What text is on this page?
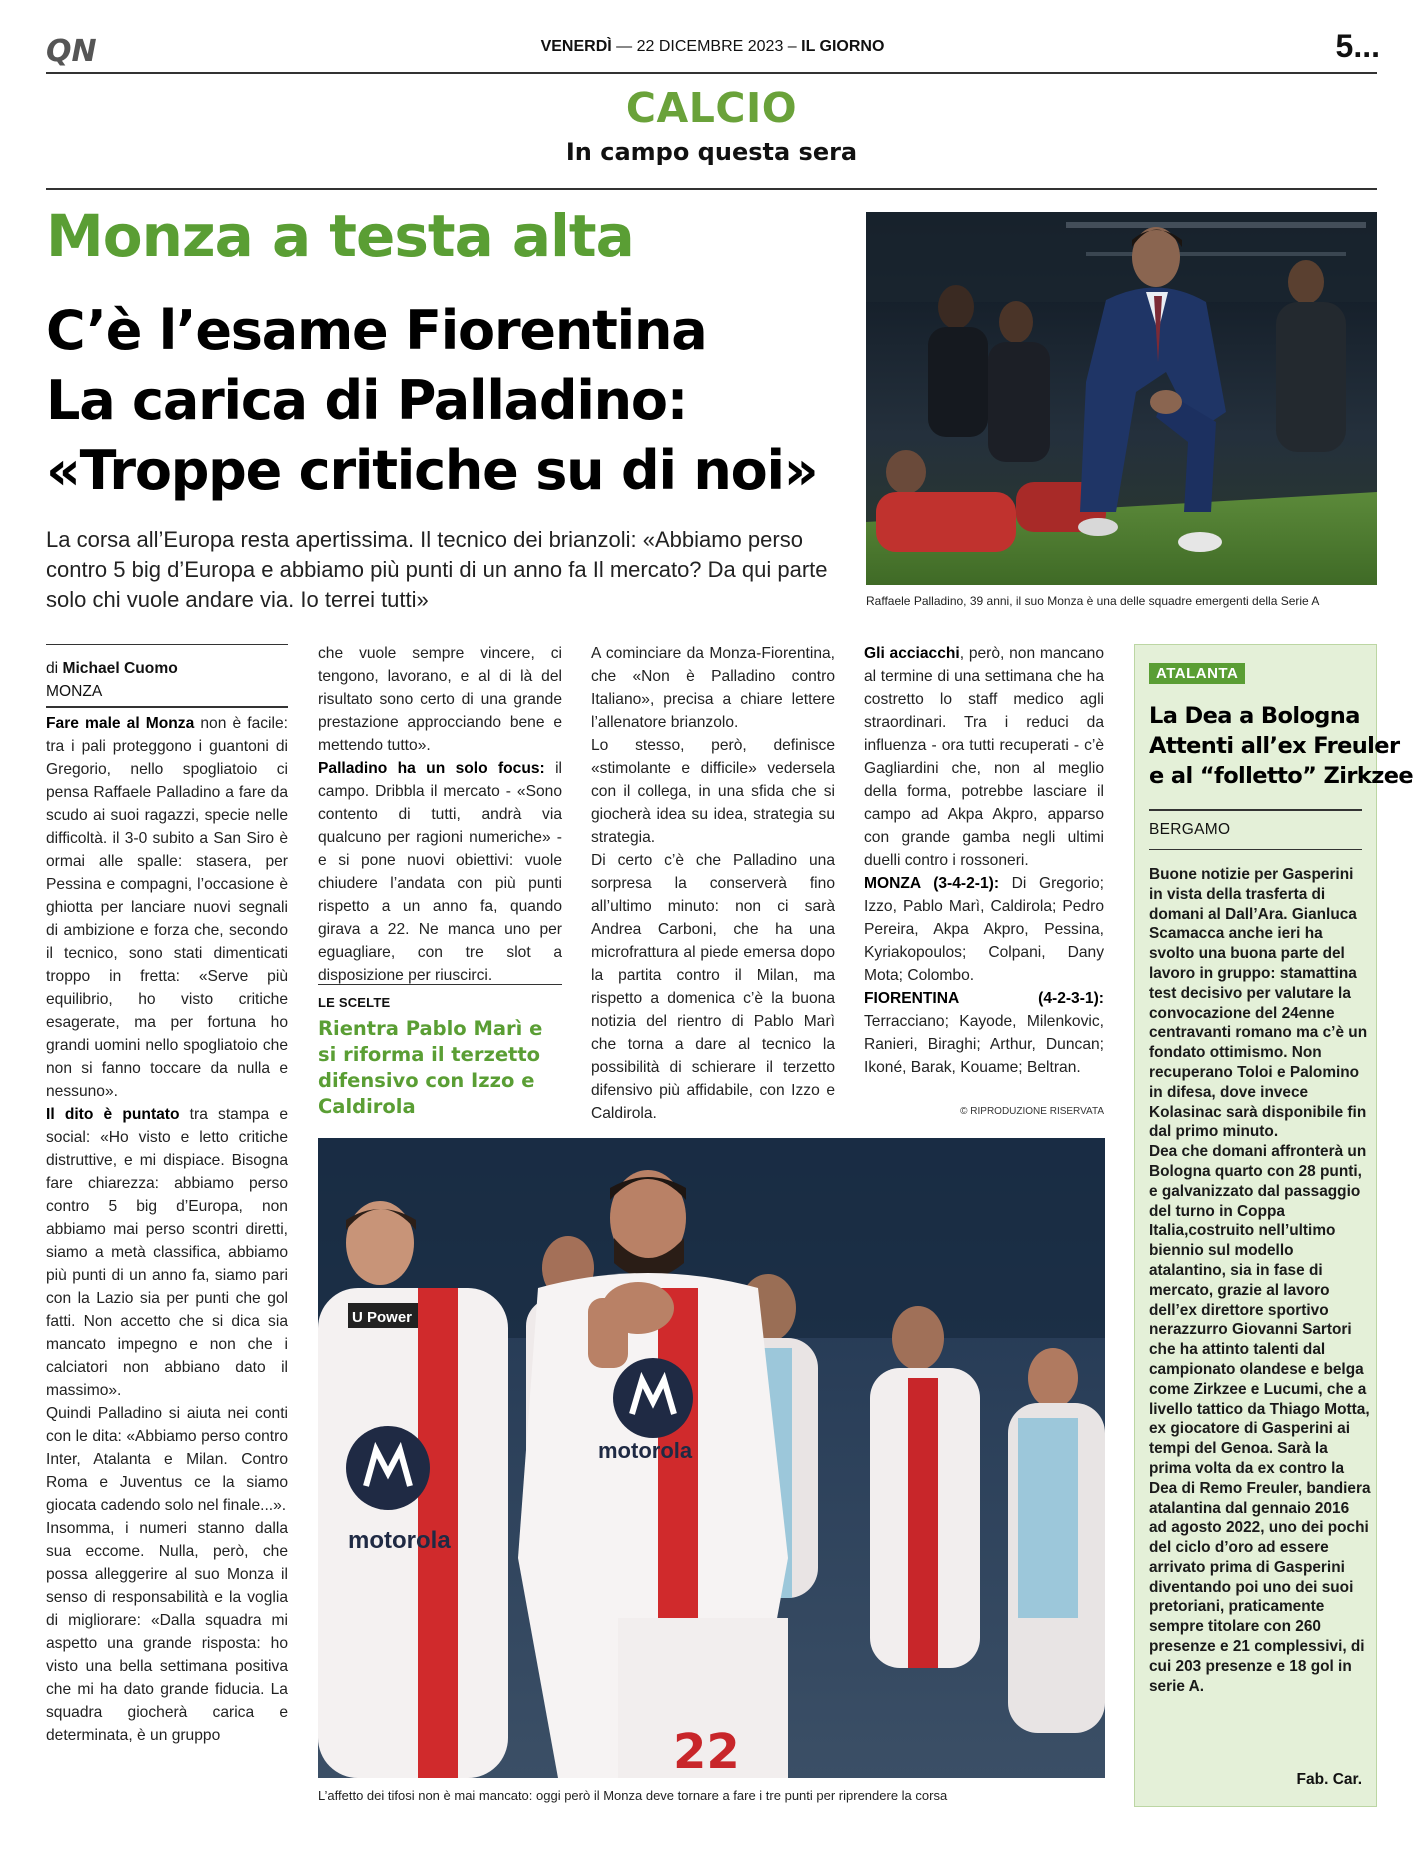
Q N	VENERDÌ — 22 DICEMBRE 2023 – IL GIORNO	5...
CALCIO
In campo questa sera
Monza a testa alta
C’è l’esame Fiorentina
La carica di Palladino:
«Troppe critiche su di noi»
La corsa all’Europa resta apertissima. Il tecnico dei brianzoli: «Abbiamo perso contro 5 big d’Europa e abbiamo più punti di un anno fa Il mercato? Da qui parte solo chi vuole andare via. Io terrei tutti»	Raffaele Palladino, 39 anni, il suo Monza è una delle squadre emergenti della Serie A
di Michael Cuomo
MONZA

Fare male al Monza non è facile: tra i pali proteggono i guantoni di Gregorio, nello spogliatoio ci pensa Raffaele Palladino a fare da scudo ai suoi ragazzi, specie nelle difficoltà. il 3-0 subito a San Siro è ormai alle spalle: stasera, per Pessina e compagni, l’occasione è ghiotta per lanciare nuovi segnali di ambizione e forza che, secondo il tecnico, sono stati dimenticati troppo in fretta: «Serve più equilibrio, ho visto critiche esagerate, ma per fortuna ho grandi uomini nello spogliatoio che non si fanno toccare da nulla e nessuno».

Il dito è puntato tra stampa e social: «Ho visto e letto critiche distruttive, e mi dispiace. Bisogna fare chiarezza: abbiamo perso contro 5 big d’Europa, non abbiamo mai perso scontri diretti, siamo a metà classifica, abbiamo più punti di un anno fa, siamo pari con la Lazio sia per punti che gol fatti. Non accetto che si dica sia mancato impegno e non che i calciatori non abbiano dato il massimo».

Quindi Palladino si aiuta nei conti con le dita: «Abbiamo perso contro Inter, Atalanta e Milan. Contro Roma e Juventus ce la siamo giocata cadendo solo nel finale...».

Insomma, i numeri stanno dalla sua eccome. Nulla, però, che possa alleggerire al suo Monza il senso di responsabilità e la voglia di migliorare: «Dalla squadra mi aspetto una grande risposta: ho visto una bella settimana positiva che mi ha dato grande fiducia. La squadra giocherà carica e determinata, è un gruppo

che vuole sempre vincere, ci tengono, lavorano, e al di là del risultato sono certo di una grande prestazione approcciando bene e mettendo tutto».

Palladino ha un solo focus: il campo. Dribbla il mercato - «Sono contento di tutti, andrà via qualcuno per ragioni numeriche» - e si pone nuovi obiettivi: vuole chiudere l’andata con più punti rispetto a un anno fa, quando girava a 22. Ne manca uno per eguagliare, con tre slot a disposizione per riuscirci.

LE SCELTE
Rientra Pablo Marì e si riforma il terzetto difensivo con Izzo e Caldirola

A cominciare da Monza-Fiorentina, che «Non è Palladino contro Italiano», precisa a chiare lettere l’allenatore brianzolo.

Lo stesso, però, definisce «stimolante e difficile» vedersela con il collega, in una sfida che si giocherà idea su idea, strategia su strategia.

Di certo c’è che Palladino una sorpresa la conserverà fino all’ultimo minuto: non ci sarà Andrea Carboni, che ha una microfrattura al piede emersa dopo la partita contro il Milan, ma rispetto a domenica c’è la buona notizia del rientro di Pablo Marì che torna a dare al tecnico la possibilità di schierare il terzetto difensivo più affidabile, con Izzo e Caldirola.

Gli acciacchi, però, non mancano al termine di una settimana che ha costretto lo staff medico agli straordinari. Tra i reduci da influenza - ora tutti recuperati - c’è Gagliardini che, non al meglio della forma, potrebbe lasciare il campo ad Akpa Akpro, apparso con grande gamba negli ultimi duelli contro i rossoneri.

MONZA (3-4-2-1): Di Gregorio; Izzo, Pablo Marì, Caldirola; Pedro Pereira, Akpa Akpro, Pessina, Kyriakopoulos; Colpani, Dany Mota; Colombo.

FIORENTINA (4-2-3-1): Terracciano; Kayode, Milenkovic, Ranieri, Biraghi; Arthur, Duncan; Ikoné, Barak, Kouame; Beltran.

© RIPRODUZIONE RISERVATA
U Power
motorola
motorola
22
L’affetto dei tifosi non è mai mancato: oggi però il Monza deve tornare a fare i tre punti per riprendere la corsa
ATALANTA
La Dea a Bologna
Attenti all’ex Freuler
e al “folletto” Zirkzee
BERGAMO

Buone notizie per Gasperini in vista della trasferta di domani al Dall’Ara. Gianluca Scamacca anche ieri ha svolto una buona parte del lavoro in gruppo: stamattina test decisivo per valutare la convocazione del 24enne centravanti romano ma c’è un fondato ottimismo. Non recuperano Toloi e Palomino in difesa, dove invece Kolasinac sarà disponibile fin dal primo minuto.

Dea che domani affronterà un Bologna quarto con 28 punti, e galvanizzato dal passaggio del turno in Coppa Italia,costruito nell’ultimo biennio sul modello atalantino, sia in fase di mercato, grazie al lavoro dell’ex direttore sportivo nerazzurro Giovanni Sartori che ha attinto talenti dal campionato olandese e belga come Zirkzee e Lucumi, che a livello tattico da Thiago Motta, ex giocatore di Gasperini ai tempi del Genoa. Sarà la prima volta da ex contro la Dea di Remo Freuler, bandiera atalantina dal gennaio 2016 ad agosto 2022, uno dei pochi del ciclo d’oro ad essere arrivato prima di Gasperini diventando poi uno dei suoi pretoriani, praticamente sempre titolare con 260 presenze e 21 complessivi, di cui 203 presenze e 18 gol in serie A.

Fab. Car.
